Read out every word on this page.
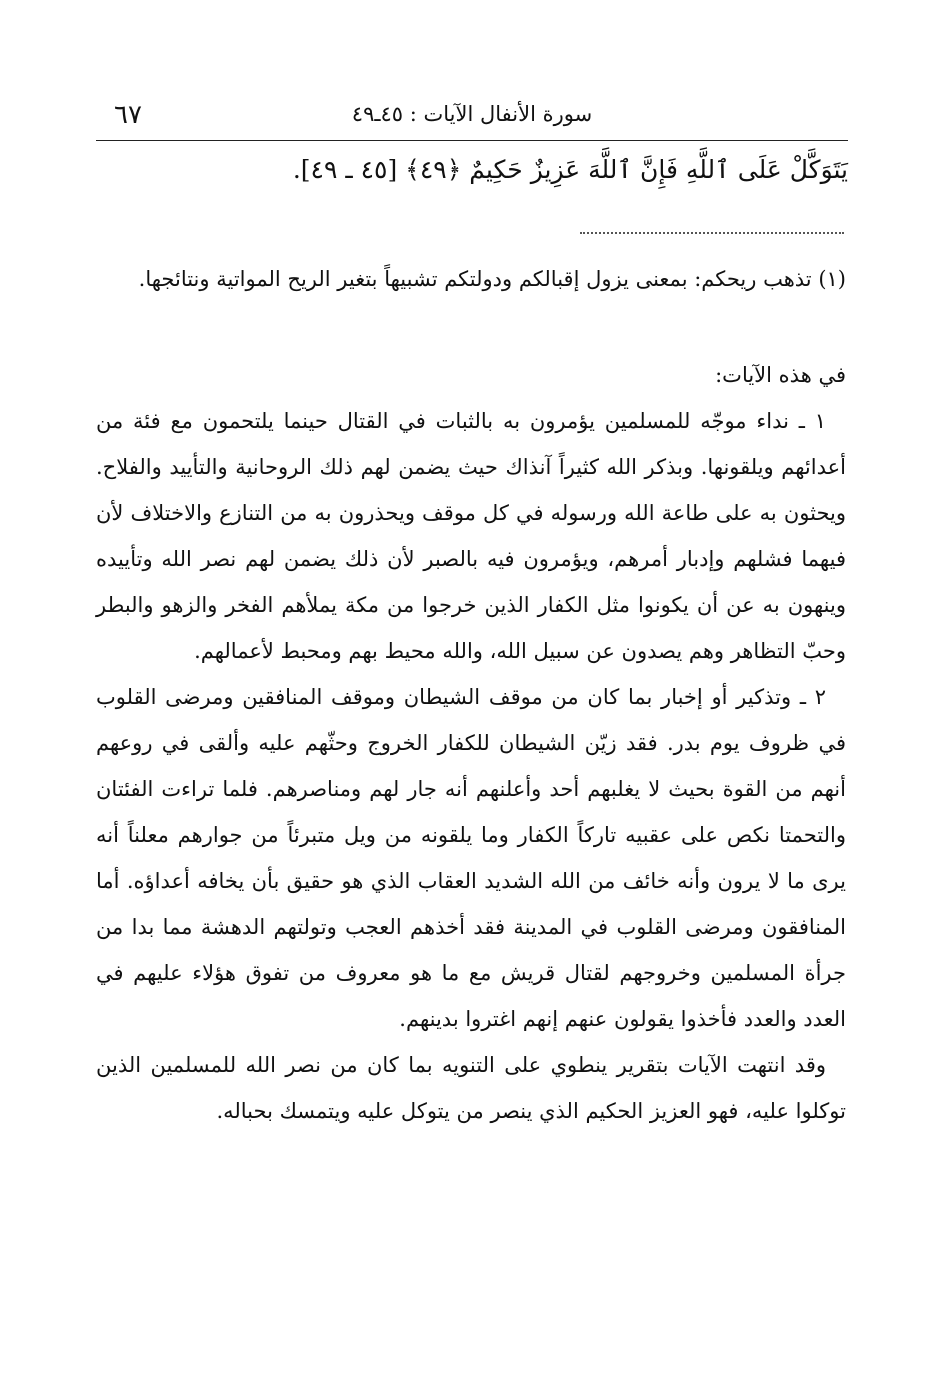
٦٧	سورة الأنفال الآيات : ٤٥ـ٤٩
يَتَوَكَّلْ عَلَى ٱللَّهِ فَإِنَّ ٱللَّهَ عَزِيزٌ حَكِيمٌ ﴿٤٩﴾ [٤٥ ـ ٤٩].
(١) تذهب ريحكم: بمعنى يزول إقبالكم ودولتكم تشبيهاً بتغير الريح المواتية ونتائجها.
في هذه الآيات:

١ ـ نداء موجّه للمسلمين يؤمرون به بالثبات في القتال حينما يلتحمون مع فئة من أعدائهم ويلقونها. وبذكر الله كثيراً آنذاك حيث يضمن لهم ذلك الروحانية والتأييد والفلاح. ويحثون به على طاعة الله ورسوله في كل موقف ويحذرون به من التنازع والاختلاف لأن فيهما فشلهم وإدبار أمرهم، ويؤمرون فيه بالصبر لأن ذلك يضمن لهم نصر الله وتأييده وينهون به عن أن يكونوا مثل الكفار الذين خرجوا من مكة يملأهم الفخر والزهو والبطر وحبّ التظاهر وهم يصدون عن سبيل الله، والله محيط بهم ومحبط لأعمالهم.

٢ ـ وتذكير أو إخبار بما كان من موقف الشيطان وموقف المنافقين ومرضى القلوب في ظروف يوم بدر. فقد زيّن الشيطان للكفار الخروج وحثّهم عليه وألقى في روعهم أنهم من القوة بحيث لا يغلبهم أحد وأعلنهم أنه جار لهم ومناصرهم. فلما تراءت الفئتان والتحمتا نكص على عقبيه تاركاً الكفار وما يلقونه من ويل متبرئاً من جوارهم معلناً أنه يرى ما لا يرون وأنه خائف من الله الشديد العقاب الذي هو حقيق بأن يخافه أعداؤه. أما المنافقون ومرضى القلوب في المدينة فقد أخذهم العجب وتولتهم الدهشة مما بدا من جرأة المسلمين وخروجهم لقتال قريش مع ما هو معروف من تفوق هؤلاء عليهم في العدد والعدد فأخذوا يقولون عنهم إنهم اغتروا بدينهم.

وقد انتهت الآيات بتقرير ينطوي على التنويه بما كان من نصر الله للمسلمين الذين توكلوا عليه، فهو العزيز الحكيم الذي ينصر من يتوكل عليه ويتمسك بحباله.
